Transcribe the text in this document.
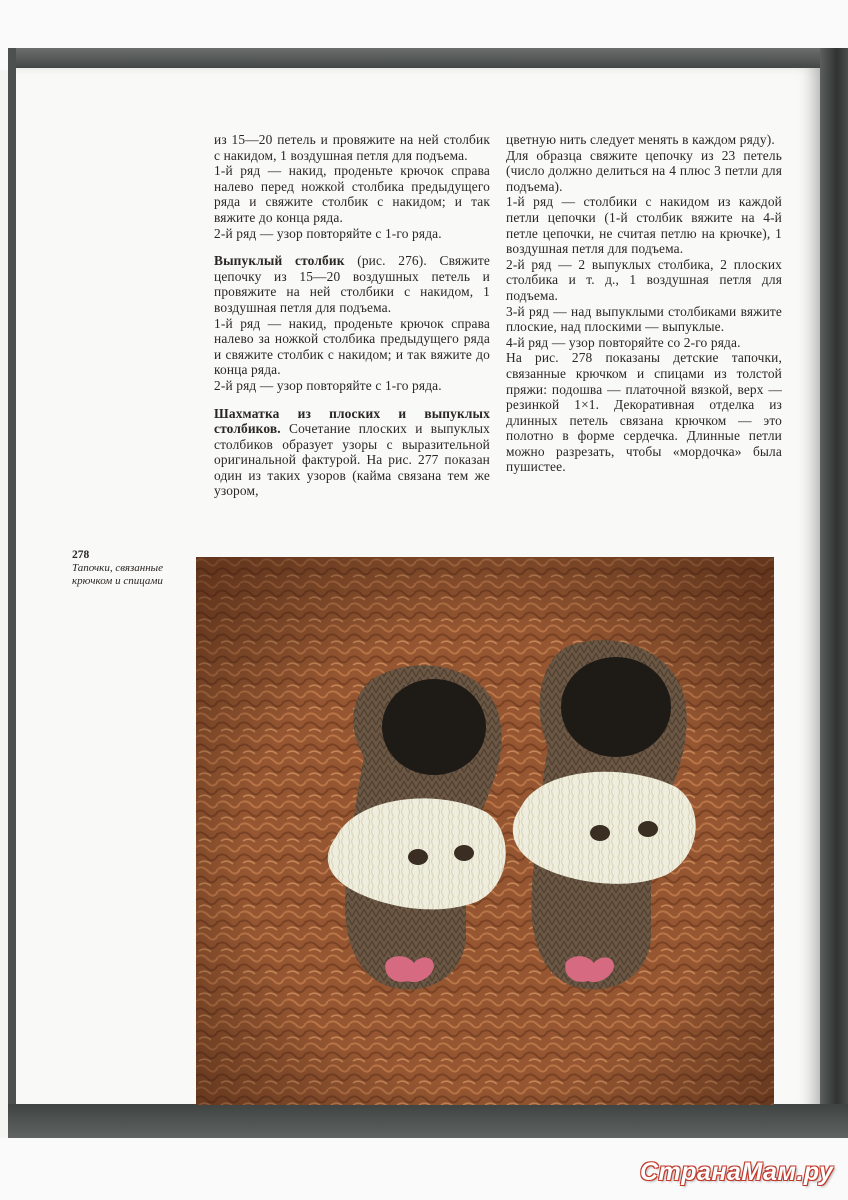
из 15—20 петель и провяжите на ней столбик с накидом, 1 воздушная петля для подъема.

1-й ряд — накид, проденьте крючок справа налево перед ножкой столбика предыдущего ряда и свяжите столбик с накидом; и так вяжите до конца ряда.

2-й ряд — узор повторяйте с 1-го ряда.

Выпуклый столбик (рис. 276). Свяжите цепочку из 15—20 воздушных петель и провяжите на ней столбики с накидом, 1 воздушная петля для подъема.

1-й ряд — накид, проденьте крючок справа налево за ножкой столбика предыдущего ряда и свяжите столбик с накидом; и так вяжите до конца ряда.

2-й ряд — узор повторяйте с 1-го ряда.

Шахматка из плоских и выпуклых столбиков. Сочетание плоских и выпуклых столбиков образует узоры с выразительной оригинальной фактурой. На рис. 277 показан один из таких узоров (кайма связана тем же узором,

цветную нить следует менять в каждом ряду).

Для образца свяжите цепочку из 23 петель (число должно делиться на 4 плюс 3 петли для подъема).

1-й ряд — столбики с накидом из каждой петли цепочки (1-й столбик вяжите на 4-й петле цепочки, не считая петлю на крючке), 1 воздушная петля для подъема.

2-й ряд — 2 выпуклых столбика, 2 плоских столбика и т. д., 1 воздушная петля для подъема.

3-й ряд — над выпуклыми столбиками вяжите плоские, над плоскими — выпуклые.

4-й ряд — узор повторяйте со 2-го ряда.

На рис. 278 показаны детские тапочки, связанные крючком и спицами из толстой пряжи: подошва — платочной вязкой, верх — резинкой 1×1. Декоративная отделка из длинных петель связана крючком — это полотно в форме сердечка. Длинные петли можно разрезать, чтобы «мордочка» была пушистее.

278
Тапочки, связанные крючком и спицами
СтранаМам.ру
